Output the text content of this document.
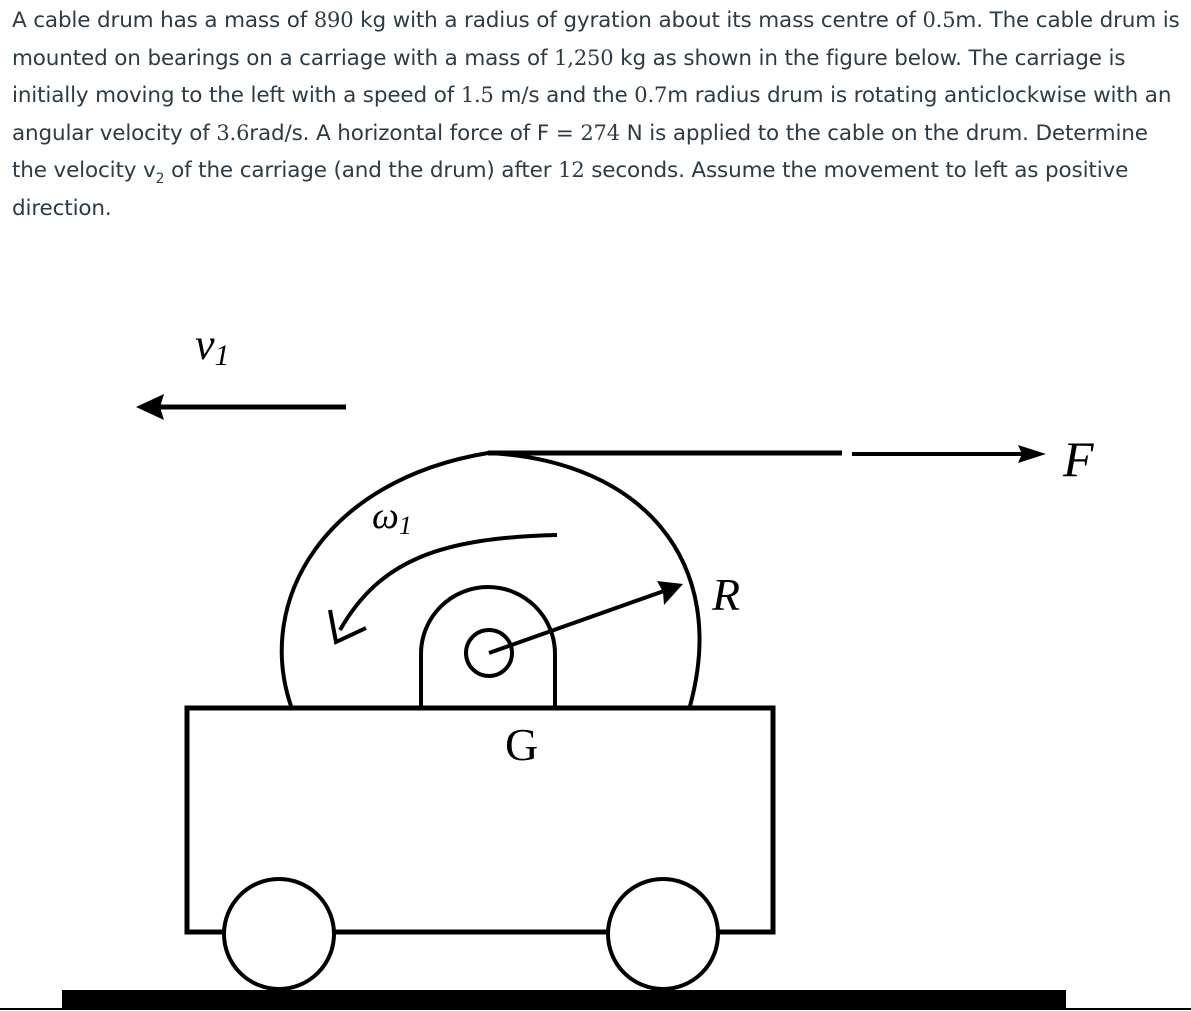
A cable drum has a mass of 890 kg with a radius of gyration about its mass centre of 0.5m. The cable drum is mounted on bearings on a carriage with a mass of 1,250 kg as shown in the figure below. The carriage is initially moving to the left with a speed of 1.5 m/s and the 0.7m radius drum is rotating anticlockwise with an angular velocity of 3.6rad/s. A horizontal force of F = 274 N is applied to the cable on the drum. Determine the velocity $v_2$ of the carriage (and the drum) after 12 seconds. Assume the movement to left as positive direction.

v1
F
ω1
R
G
